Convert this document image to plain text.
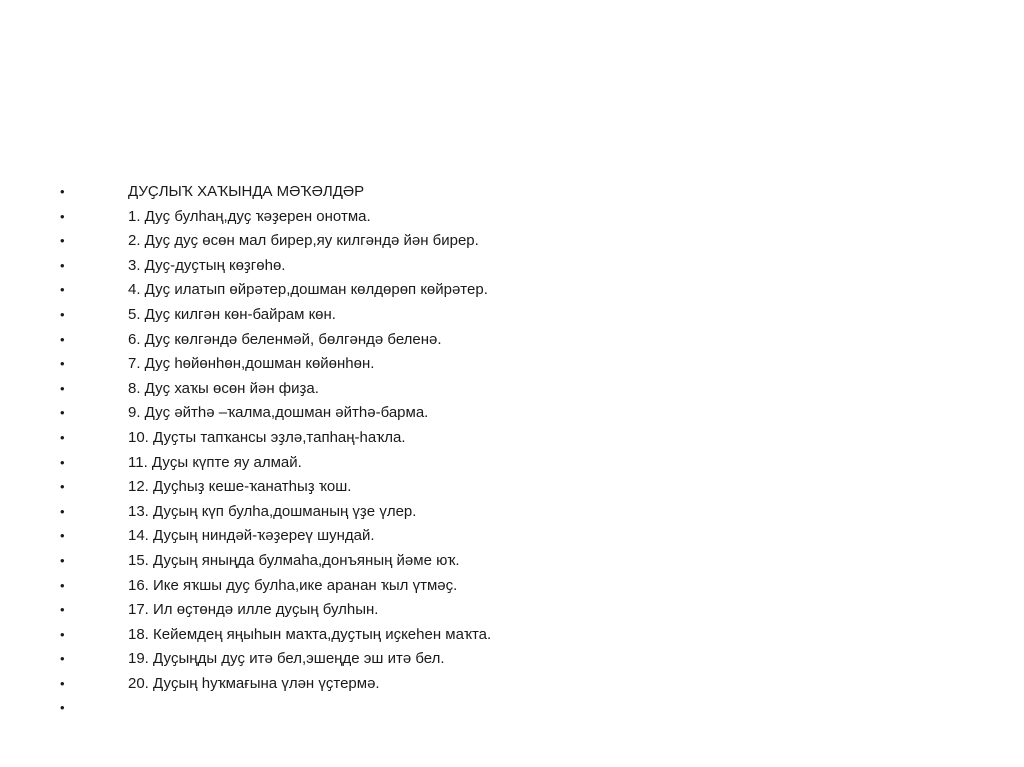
•	ДУҪЛЫҠ ХАҠЫНДА МӘҠӘЛДӘР
•	1. Дуҫ булһаң,дуҫ ҡәҙерен онотма.
•	2. Дуҫ дуҫ өсөн мал бирер,яу килгәндә йән бирер.
•	3. Дуҫ-дуҫтың көҙгөһө.
•	4. Дуҫ илатып өйрәтер,дошман көлдөрөп көйрәтер.
•	5. Дуҫ килгән көн-байрам көн.
•	6. Дуҫ көлгәндә беленмәй, бөлгәндә беленә.
•	7. Дуҫ һөйөнһөн,дошман көйөнһөн.
•	8. Дуҫ хаҡы өсөн йән фиҙа.
•	9. Дуҫ әйтһә –ҡалма,дошман әйтһә-барма.
•	10. Дуҫты тапҡансы эҙлә,тапһаң-һаҡла.
•	11. Дуҫы күпте яу алмай.
•	12. Дуҫһыҙ кеше-ҡанатһыҙ ҡош.
•	13. Дуҫың күп булһа,дошманың үҙе үлер.
•	14. Дуҫың ниндәй-ҡәҙереү шундай.
•	15. Дуҫың яныңда булмаһа,донъяның йәме юҡ.
•	16. Ике яҡшы дуҫ булһа,ике аранан ҡыл үтмәҫ.
•	17. Ил өҫтөндә илле дуҫың булһын.
•	18. Кейемдең яңыһын маҡта,дуҫтың иҫкеһен маҡта.
•	19. Дуҫыңды дуҫ итә бел,эшеңде эш итә бел.
•	20. Дуҫың һуҡмағына үлән үҫтермә.
•
